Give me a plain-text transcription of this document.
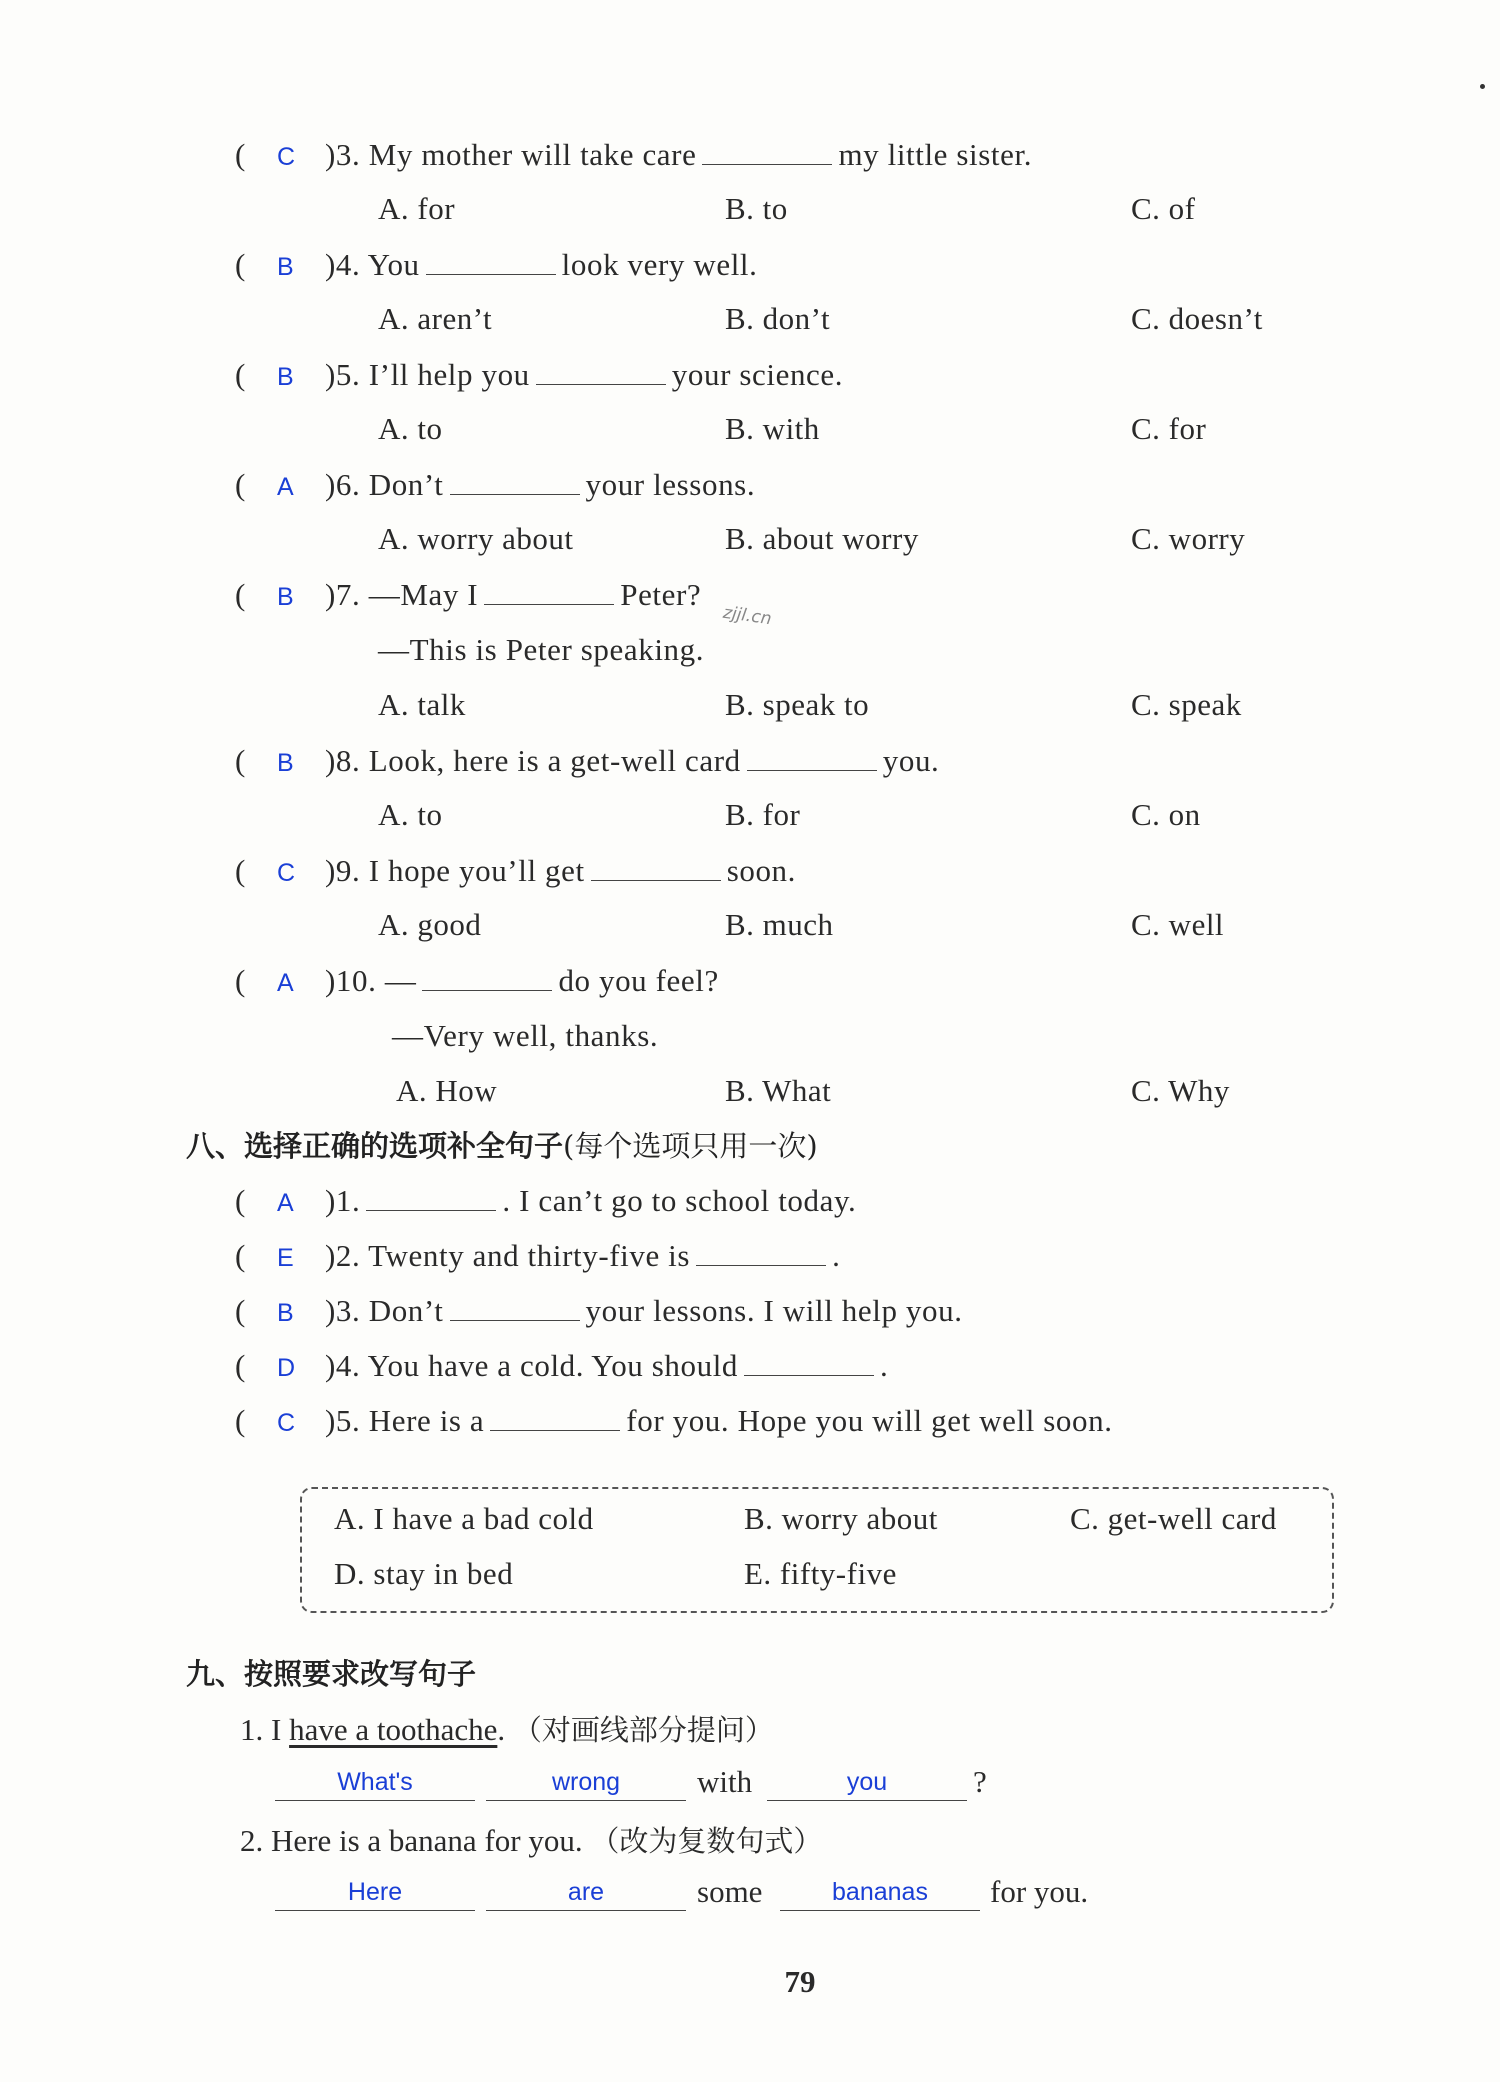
( C )3. My mother will take care	my little sister.
A. for	B. to	C. of
( B )4. You	look very well.
A. aren’t	B. don’t	C. doesn’t
( B )5. I’ll help you	your science.
A. to	B. with	C. for
( A )6. Don’t	your lessons.
A. worry about	B. about worry	C. worry
( B )7. —May I	Peter?
zjjl.cn
—This is Peter speaking.
A. talk	B. speak to	C. speak
( B )8. Look, here is a get-well card	you.
A. to	B. for	C. on
( C )9. I hope you’ll get	soon.
A. good	B. much	C. well
( A )10. —	do you feel?
—Very well, thanks.
A. How	B. What	C. Why
八、选择正确的选项补全句子(每个选项只用一次)
( A )1.	. I can’t go to school today.
( E )2. Twenty and thirty-five is	.
( B )3. Don’t	your lessons. I will help you.
( D )4. You have a cold. You should	.
( C )5. Here is a	for you. Hope you will get well soon.
A. I have a bad cold	B. worry about	C. get-well card
D. stay in bed	E. fifty-five
九、按照要求改写句子
1. I have a toothache. （对画线部分提问）
What's	wrong	with	you	?
2. Here is a banana for you. （改为复数句式）
Here	are	some	bananas	for you.
79
